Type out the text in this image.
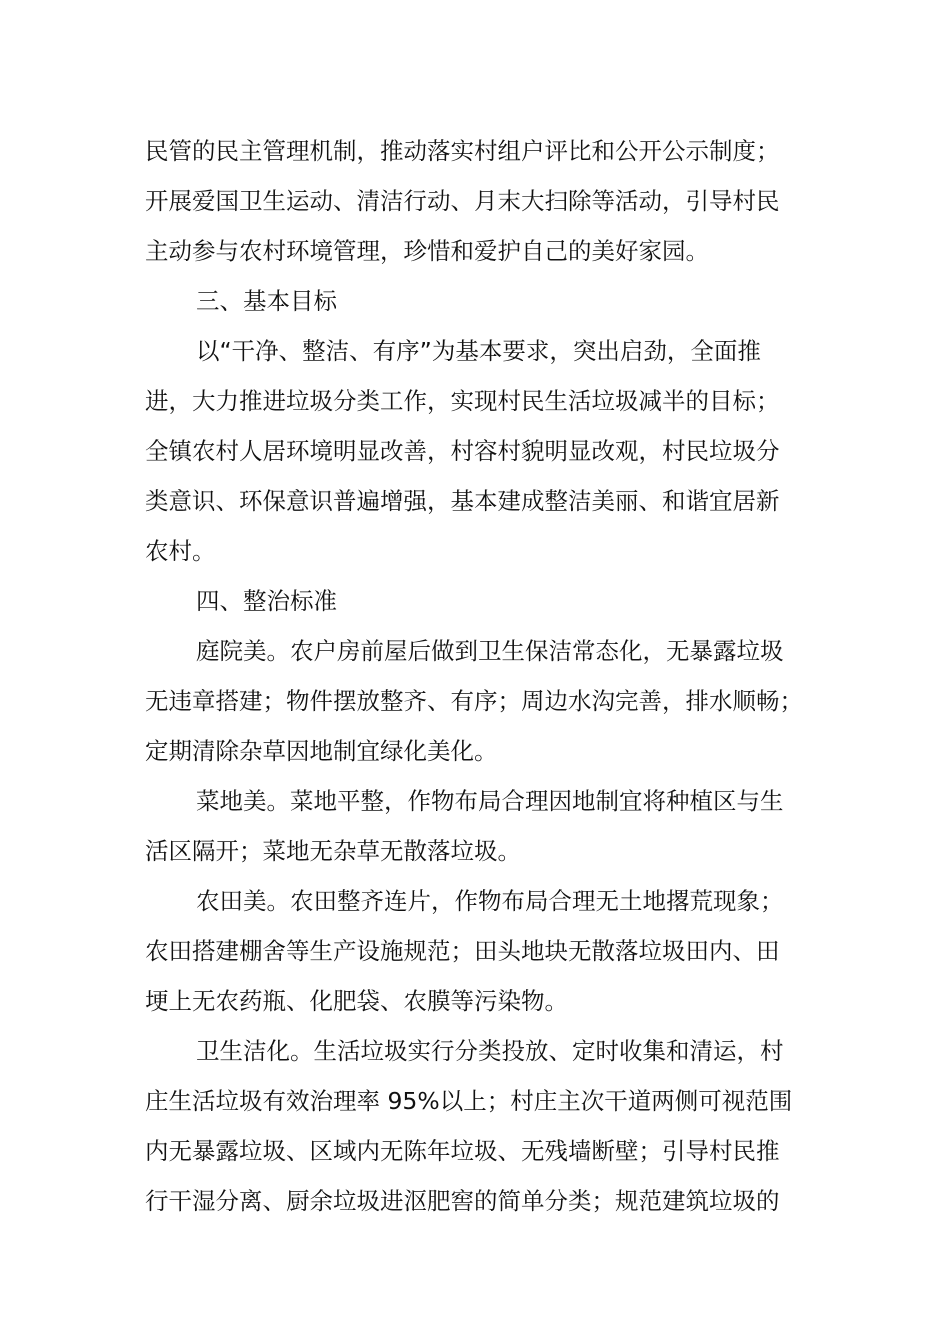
民管的民主管理机制，推动落实村组户评比和公开公示制度；
开展爱国卫生运动、清洁行动、月末大扫除等活动，引导村民
主动参与农村环境管理，珍惜和爱护自己的美好家园。
三、基本目标
以“干净、整洁、有序”为基本要求，突出启劲，全面推
进，大力推进垃圾分类工作，实现村民生活垃圾减半的目标；
全镇农村人居环境明显改善，村容村貌明显改观，村民垃圾分
类意识、环保意识普遍增强，基本建成整洁美丽、和谐宜居新
农村。
四、整治标准
庭院美。农户房前屋后做到卫生保洁常态化，无暴露垃圾
无违章搭建；物件摆放整齐、有序；周边水沟完善，排水顺畅；
定期清除杂草因地制宜绿化美化。
菜地美。菜地平整，作物布局合理因地制宜将种植区与生
活区隔开；菜地无杂草无散落垃圾。
农田美。农田整齐连片，作物布局合理无土地撂荒现象；
农田搭建棚舍等生产设施规范；田头地块无散落垃圾田内、田
埂上无农药瓶、化肥袋、农膜等污染物。
卫生洁化。生活垃圾实行分类投放、定时收集和清运，村
庄生活垃圾有效治理率 95%以上；村庄主次干道两侧可视范围
内无暴露垃圾、区域内无陈年垃圾、无残墙断壁；引导村民推
行干湿分离、厨余垃圾进沤肥窖的简单分类；规范建筑垃圾的
